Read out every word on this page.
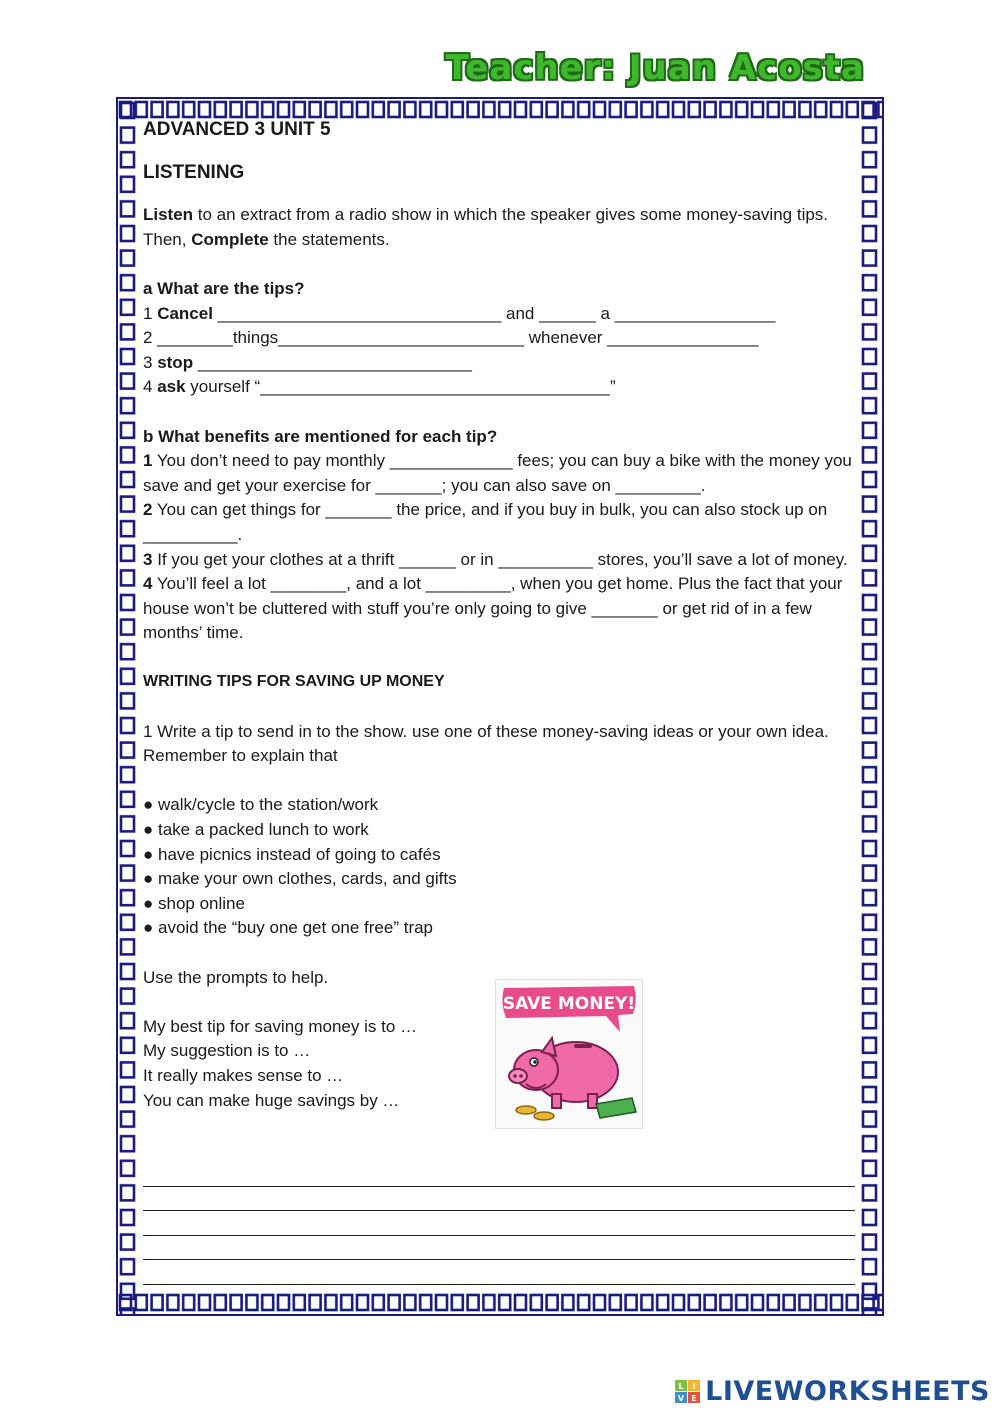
Teacher: Juan Acosta

ADVANCED 3 UNIT 5

LISTENING

Listen to an extract from a radio show in which the speaker gives some money-saving tips. Then, Complete the statements.

a What are the tips?

1 Cancel ______________________________ and ______ a _________________

2 ________things__________________________ whenever ________________

3 stop _____________________________

4 ask yourself “_____________________________________”

b What benefits are mentioned for each tip?

1 You don’t need to pay monthly _____________ fees; you can buy a bike with the money you save and get your exercise for _______; you can also save on _________.

2 You can get things for _______ the price, and if you buy in bulk, you can also stock up on __________.

3 If you get your clothes at a thrift ______ or in __________ stores, you’ll save a lot of money.

4 You’ll feel a lot ________, and a lot _________, when you get home. Plus the fact that your house won’t be cluttered with stuff you’re only going to give _______ or get rid of in a few months’ time.

WRITING TIPS FOR SAVING UP MONEY

1 Write a tip to send in to the show. use one of these money-saving ideas or your own idea. Remember to explain that

● walk/cycle to the station/work

● take a packed lunch to work

● have picnics instead of going to cafés

● make your own clothes, cards, and gifts

● shop online

● avoid the “buy one get one free” trap

Use the prompts to help.

My best tip for saving money is to …

My suggestion is to …

It really makes sense to …

You can make huge savings by …

SAVE MONEY!
L I
V E LIVEWORKSHEETS
